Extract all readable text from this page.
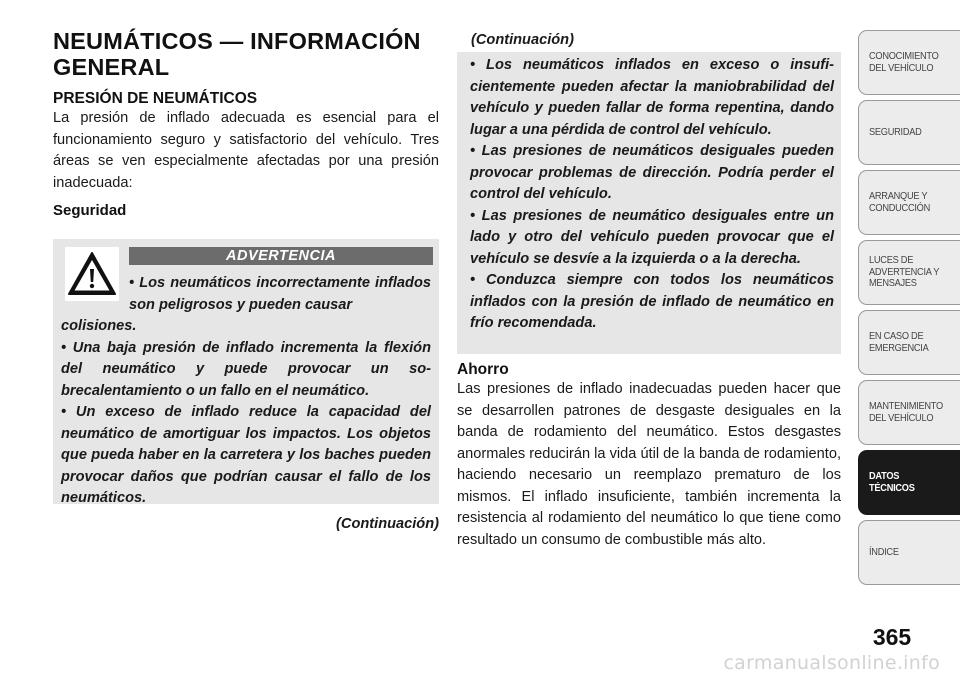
NEUMÁTICOS — INFORMACIÓN
GENERAL

PRESIÓN DE NEUMÁTICOS

La presión de inflado adecuada es esencial para el funcionamiento seguro y satisfactorio del vehículo. Tres áreas se ven especialmente afectadas por una presión inadecuada:

Seguridad

ADVERTENCIA

• Los neumáticos incorrectamente inflados son peligrosos y pueden causar

colisiones.

• Una baja presión de inflado incrementa la flexión del neumático y puede provocar un sobrecalentamiento o un fallo en el neumático.

• Un exceso de inflado reduce la capacidad del neumático de amortiguar los impactos. Los objetos que pueda haber en la carretera y los baches pueden provocar daños que podrían causar el fallo de los neumáticos.

(Continuación)
(Continuación)

• Los neumáticos inflados en exceso o insuficientemente pueden afectar la maniobrabilidad del vehículo y pueden fallar de forma repentina, dando lugar a una pérdida de control del vehículo.

• Las presiones de neumáticos desiguales pueden provocar problemas de dirección. Podría perder el control del vehículo.

• Las presiones de neumático desiguales entre un lado y otro del vehículo pueden provocar que el vehículo se desvíe a la izquierda o a la derecha.

• Conduzca siempre con todos los neumáticos inflados con la presión de inflado de neumático en frío recomendada.

Ahorro

Las presiones de inflado inadecuadas pueden hacer que se desarrollen patrones de desgaste desiguales en la banda de rodamiento del neumático. Estos desgastes anormales reducirán la vida útil de la banda de rodamiento, haciendo necesario un reemplazo prematuro de los mismos. El inflado insuficiente, también incrementa la resistencia al rodamiento del neumático lo que tiene como resultado un consumo de combustible más alto.

CONOCIMIENTO
DEL VEHÍCULO
SEGURIDAD
ARRANQUE Y
CONDUCCIÓN
LUCES DE
ADVERTENCIA Y
MENSAJES
EN CASO DE
EMERGENCIA
MANTENIMIENTO
DEL VEHÍCULO
DATOS
TÉCNICOS
ÍNDICE
365
carmanualsonline.info
